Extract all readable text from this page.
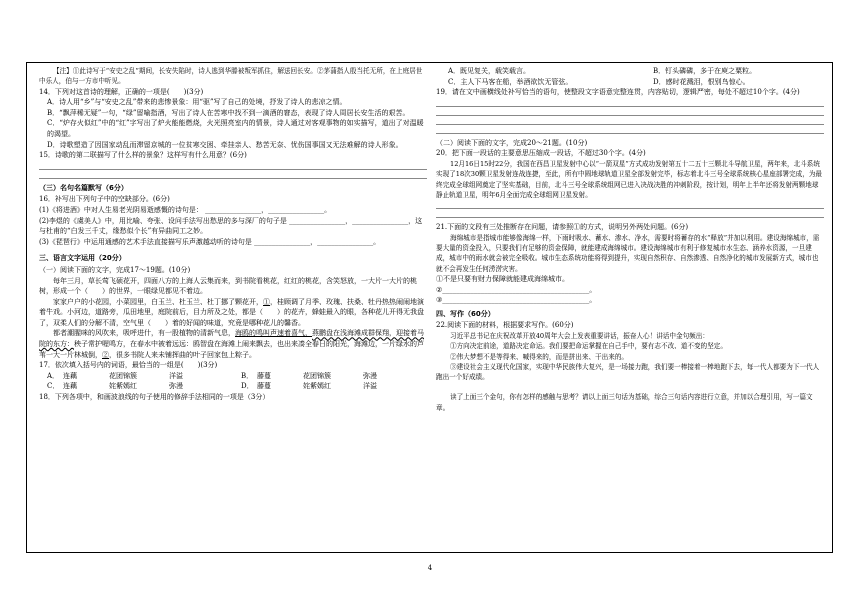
【注】①此诗写于“安史之乱”期间，长安失陷时，诗人逃到华滕被叛军抓住，解送回长安。②茅蒲指人殷当托无所，在上庭居世中乐人，伯与一方市中听见。

14．下列对这首诗的理解，正确的一项是(　　)(3分)

A．诗人用“乡”与“安史之乱”带来的悲惨景象：用“驱”写了自己的处境，抒发了诗人的悲凉之情。

B．“飘萍稀无疑”一句，“绿”留喻指酒，写出了诗人在苦寒中找不到一滴酒的窘态，表现了诗人周居长安生活的艰苦。

C．“炉存火似红”中的“红”字写出了炉火能能燃烧，火光照亮室内的情景，诗人通过对客观事物的如实描写，道出了对温暖的渴望。

D．诗歌塑造了因国家动乱而滞留京城的一位贫寒交困、牵挂亲人、愁苦无奈、忧伤国事国又无法难解的诗人形象。

15．诗歌的第二联描写了什么样的景象？这样写有什么用意？(6分)

（三）名句名篇默写（6分）

16．补写出下列句子中的空缺部分。(6分)

(1)《将进酒》中对人生易老光阴易逝感慨的诗句是： ________________，________________。

(2)李煜的《虞美人》中，用比喻、夸张、设问手法写出愁思的多与深厂的句子是 ________________，________________，这与杜甫的“白发三千丈，缘愁似个长”有异曲同工之妙。

(3)《琵琶行》中运用通感的艺术手法直接描写乐声激越动听的诗句是 ________________，________________。

三、语言文字运用（20分）

（一）阅读下面的文字，完成17～19题。(10分)

每年三月，草长莺飞硕花开，四面八方的上海人云集而来，到书院看桃花，红红的桃花，含笑怒放，一大片一大片的桃树，形成一个（　　）的世界，一眼绿见都见不着边。

家家户户的小花园，小菜园里，白玉兰、杜玉兰、杜丁挪了颗花开，①，桂顾调了月季、玫瑰、扶桑、牡丹热热闹闹地演着牛戏。小河边，道路旁，瓜田地里，庭院前后，目力所及之处，都是（　　）的花卉，蜂蛙最入的眼，各种花儿开得无我盘了，双柔人们的分解不清，空气里（　　）着的好闻的味道，究竟是哪种花儿的馨香。

都者潮腥咪的风吹来，吸呼进什，有一股植物的清新气息，海鸥的鸣叫声速着喜气，燕鹏盘在浅海滩成群保翔，迎接着马院的东方：秧子常护喔鸣方，在春水中被着远远：鸥智盘在海滩上闹来飘去，也出来凑全春日的阳光，海滩边，一片绿水的芦苇一大一片林城倒，②，很多书院人来未铺挥曲的叶子回家包上粽子。

17．依次填入括号内的词语，最恰当的一组是(　　)(3分)

A． 连藕	花团锦簇	洋溢	B． 藤蔓	花团锦簇	弥漫
C． 连藕	姹紫嫣红	弥漫	D． 藤蔓	姹紫嫣红	洋溢

18．下列各项中，和画波浪线的句子使用的修辞手法相同的一项是（3分）

A．既见复关，载笑载言。	B．钉头磷磷，多于在庾之粟粒。
C．主人下马客在船，举酒欲饮无管弦。	D．感时花溅泪，恨别鸟惊心。

19．请在文中画横线处补写恰当的语句，使整段文字语意完整连贯，内容贴切，逻辑严密，每处不超过10个字。(4分)

（二）阅读下面的文字，完成20～21题。(10分)

20．把下面一段话的主要意思压缩成一段话，不超过30个字。(4分)

12月16日15时22分，我国在西昌卫星发射中心以“一箭双星”方式成功发射第五十二五十三颗北斗导航卫星，两年来，北斗系统实现了18次30颗卫星发射连战连捷，至此，所有中圆地球轨道卫星全部发射完毕，标志着北斗三号全球系统核心星座部署完成，为最终完成全球组网奠定了坚实基础，目前，北斗三号全球系统组网已进入决战决胜的冲刺阶段，按计划，明年上半年还将发射两颗地球静止轨道卫星，明年6月全面完成全球组网卫星发射。

21.下面的文段有三处推断存在问题，请参照①的方式，说明另外两处问题。(6分)

海绵城市是指城市能够像海绵一样，下雨时吸水、蓄水、渗水、净水，需要时将蓄存的水“释放”并加以利用。建设海绵城市，需要大量的资金投入，只要我们有足够的资金保障，就能建成海绵城市。建设海绵城市有利于修复城市水生态、涵养水资源，一旦建成，城市中的雨水就会被完全吸收。城市生态系统功能将得到提升，实现自然积存、自然渗透、自然净化的城市发展新方式，城市也就不会再发生任何涝涝灾害。

①不是只要有财力保障就能建成海绵城市。

②__________________________________________。

③__________________________________________。

四、写作（60分）

22.阅读下面的材料，根据要求写作。(60分)

习近平总书记在庆祝改革开放40周年大会上发表重要讲话，振奋人心！讲话中金句频出：

①方向决定前途，道路决定命运。我们要把命运掌握在自己手中，要有志不改、道不变的坚定。

②伟大梦想不是等得来、喊得来的，而是拼出来、干出来的。

③建设社会主义现代化国家，实现中华民族伟大复兴，是一场接力跑，我们要一棒接着一棒地跑下去，每一代人都要为下一代人跑出一个好成绩。

读了上面三个金句，你有怎样的感触与思考？请以上面三句话为基础，综合三句话内容进行立意，并加以合理引用，写一篇文章。

4
